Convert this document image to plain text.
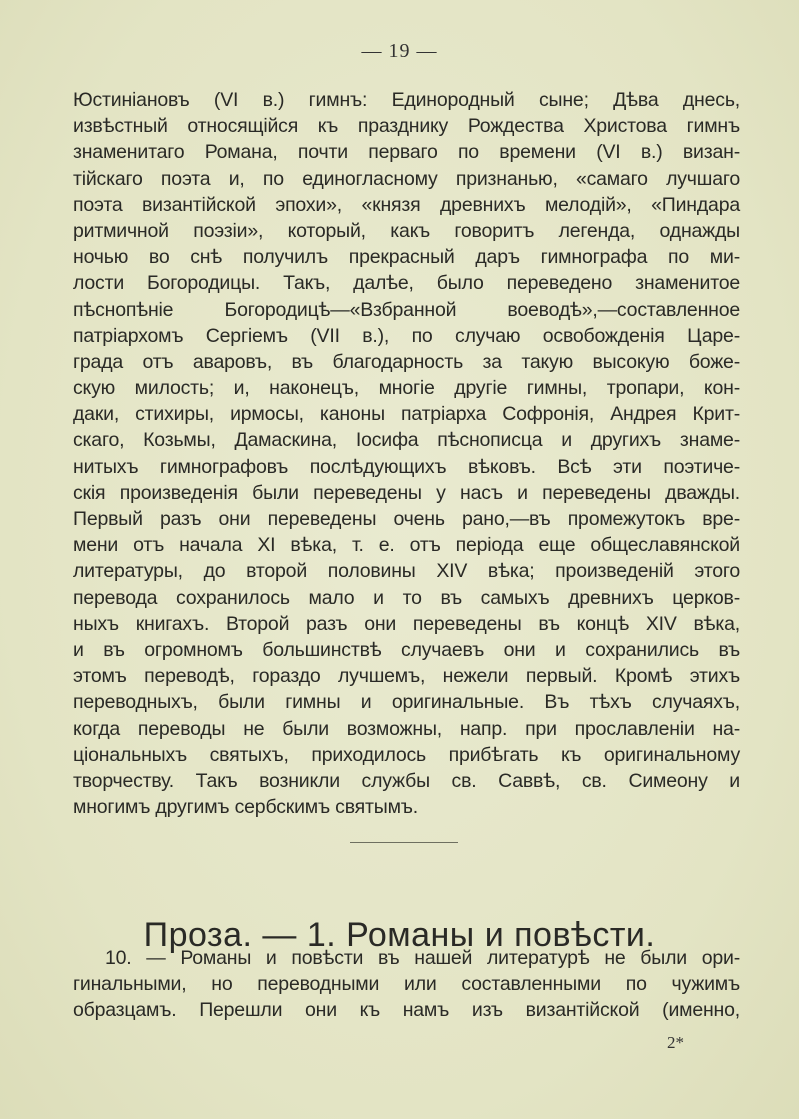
— 19 —
Юстиніановъ (VI в.) гимнъ: Единородный сыне; Дѣва днесь,
извѣстный относящійся къ празднику Рождества Христова гимнъ
знаменитаго Романа, почти перваго по времени (VI в.) визан-
тійскаго поэта и, по единогласному признанью, «самаго лучшаго
поэта византійской эпохи», «князя древнихъ мелодій», «Пиндара
ритмичной поэзіи», который, какъ говоритъ легенда, однажды
ночью во снѣ получилъ прекрасный даръ гимнографа по ми-
лости Богородицы. Такъ, далѣе, было переведено знаменитое
пѣснопѣніе Богородицѣ—«Взбранной воеводѣ»,—составленное
патріархомъ Сергіемъ (VII в.), по случаю освобожденія Царе-
града отъ аваровъ, въ благодарность за такую высокую боже-
скую милость; и, наконецъ, многіе другіе гимны, тропари, кон-
даки, стихиры, ирмосы, каноны патріарха Софронія, Андрея Крит-
скаго, Козьмы, Дамаскина, Іосифа пѣснописца и другихъ знаме-
нитыхъ гимнографовъ послѣдующихъ вѣковъ. Всѣ эти поэтиче-
скія произведенія были переведены у насъ и переведены дважды.
Первый разъ они переведены очень рано,—въ промежутокъ вре-
мени отъ начала XI вѣка, т. е. отъ періода еще общеславянской
литературы, до второй половины XIV вѣка; произведеній этого
перевода сохранилось мало и то въ самыхъ древнихъ церков-
ныхъ книгахъ. Второй разъ они переведены въ концѣ XIV вѣка,
и въ огромномъ большинствѣ случаевъ они и сохранились въ
этомъ переводѣ, гораздо лучшемъ, нежели первый. Кромѣ этихъ
переводныхъ, были гимны и оригинальные. Въ тѣхъ случаяхъ,
когда переводы не были возможны, напр. при прославленіи на-
ціональныхъ святыхъ, приходилось прибѣгать къ оригинальному
творчеству. Такъ возникли службы св. Саввѣ, св. Симеону и
многимъ другимъ сербскимъ святымъ.
Проза. — 1. Романы и повѣсти.
10. — Романы и повѣсти въ нашей литературѣ не были ори-
гинальными, но переводными или составленными по чужимъ
образцамъ. Перешли они къ намъ изъ византійской (именно,
2*
